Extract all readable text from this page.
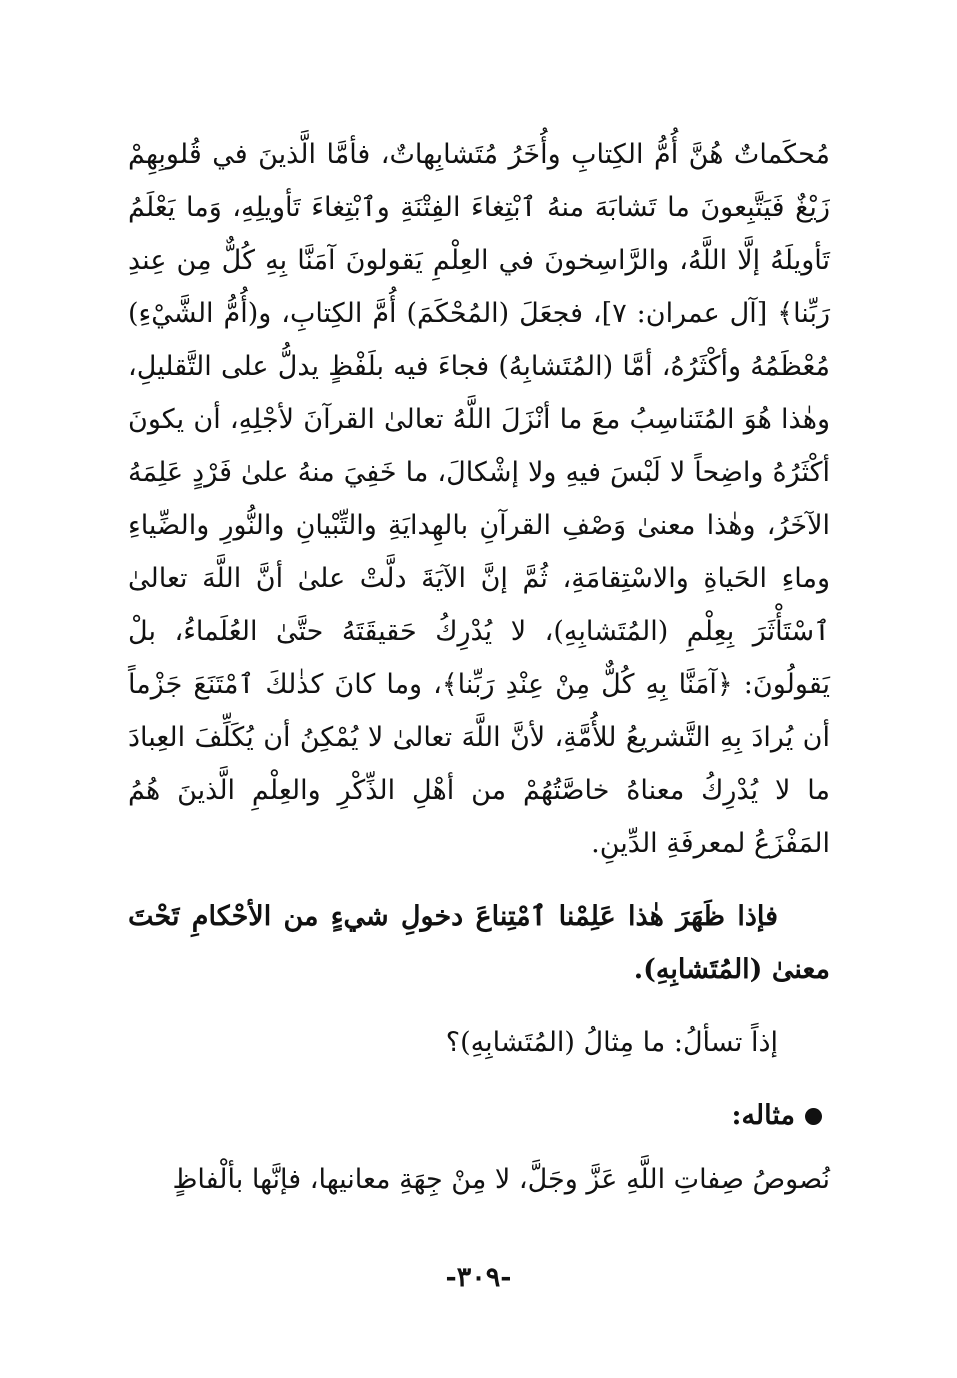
مُحكَماتٌ هُنَّ أُمُّ الكِتابِ وأُخَرُ مُتَشابِهاتٌ، فأمَّا الَّذينَ في قُلوبِهِمْ زَيْغٌ فَيَتَّبِعونَ ما تَشابَهَ منهُ ٱبْتِغاءَ الفِتْنَةِ وٱبْتِغاءَ تَأويلِهِ، وَما يَعْلَمُ تَأويلَهُ إلَّا اللَّهُ، والرَّاسِخونَ في العِلْمِ يَقولونَ آمَنَّا بِهِ كُلٌّ مِن عِندِ رَبِّنا﴾ [آل عمران: ٧]، فجعَلَ (المُحْكَمَ) أُمَّ الكِتابِ، و(أُمُّ الشَّيْءِ) مُعْظَمُهُ وأكْثَرُهُ، أمَّا (المُتَشابِهُ) فجاءَ فيه بلَفْظٍ يدلُّ على التَّقليلِ، وهٰذا هُوَ المُتَناسِبُ معَ ما أنْزَلَ اللَّهُ تعالىٰ القرآنَ لأجْلِهِ، أن يكونَ أكْثَرُهُ واضِحاً لا لَبْسَ فيهِ ولا إشْكالَ، ما خَفِيَ منهُ علىٰ فَرْدٍ عَلِمَهُ الآخَرُ، وهٰذا معنىٰ وَصْفِ القرآنِ بالهِدايَةِ والتِّبْيانِ والنُّورِ والضِّياءِ وماءِ الحَياةِ والاسْتِقامَةِ، ثُمَّ إنَّ الآيَةَ دلَّتْ علىٰ أنَّ اللَّهَ تعالىٰ ٱسْتَأْثَرَ بِعِلْمِ (المُتَشابِهِ)، لا يُدْرِكُ حَقيقَتَهُ حتَّىٰ العُلَماءُ، بلْ يَقولُونَ: ﴿آمَنَّا بِهِ كُلٌّ مِنْ عِنْدِ رَبِّنا﴾، وما كانَ كذٰلكَ ٱمْتَنَعَ جَزْماً أن يُرادَ بِهِ التَّشريعُ للأُمَّةِ، لأنَّ اللَّهَ تعالىٰ لا يُمْكِنُ أن يُكَلِّفَ العِبادَ ما لا يُدْرِكُ معناهُ خاصَّتُهُمْ من أهْلِ الذِّكْرِ والعِلْمِ الَّذينَ هُمُ المَفْزَعُ لمعرفَةِ الدِّينِ.

فإذا ظَهَرَ هٰذا عَلِمْنا ٱمْتِناعَ دخولِ شيءٍ من الأحْكامِ تَحْتَ معنىٰ (المُتَشابِهِ).

إذاً تسألُ: ما مِثالُ (المُتَشابِهِ)؟

مثاله:

نُصوصُ صِفاتِ اللَّهِ عَزَّ وجَلَّ، لا مِنْ جِهَةِ معانيها، فإنَّها بألْفاظٍ

-٣٠٩-
